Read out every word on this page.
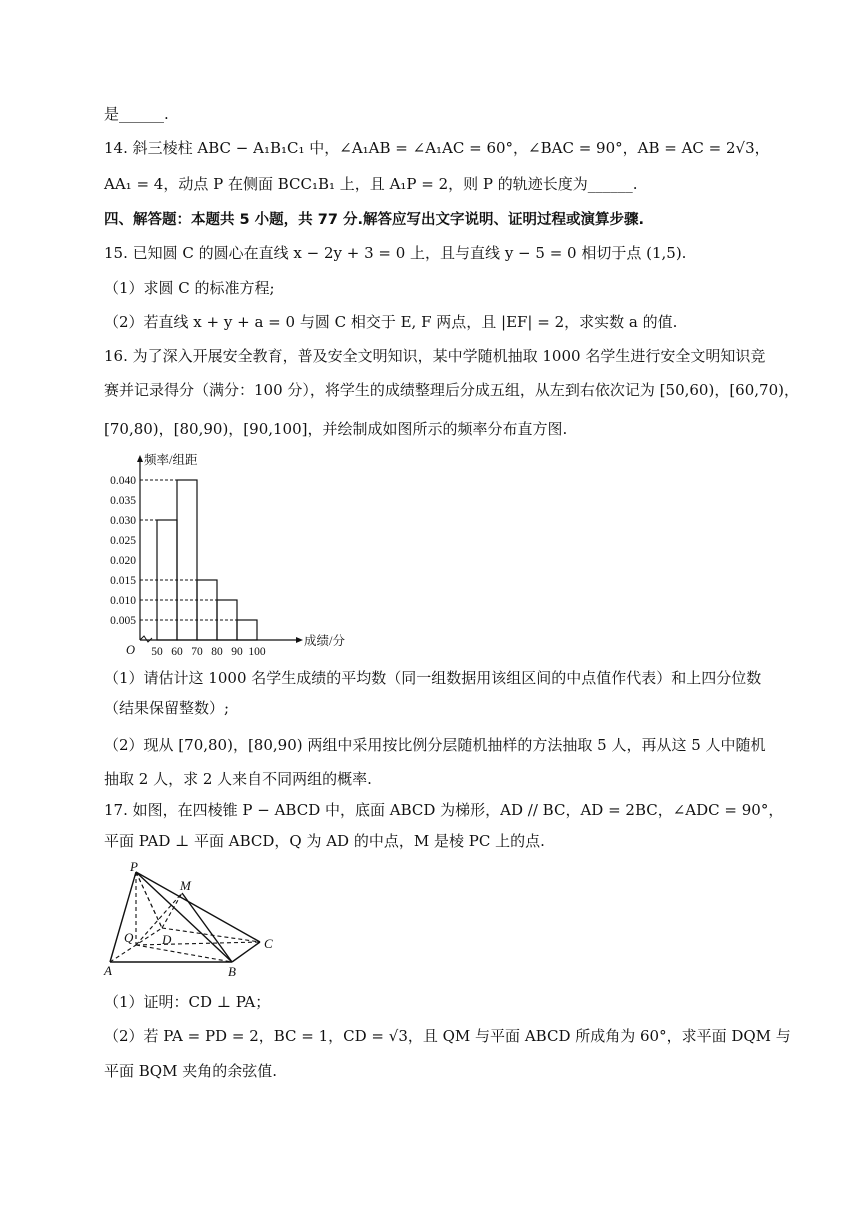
是______.
14. 斜三棱柱 ABC − A₁B₁C₁ 中，∠A₁AB = ∠A₁AC = 60°，∠BAC = 90°，AB = AC = 2√3，
AA₁ = 4，动点 P 在侧面 BCC₁B₁ 上，且 A₁P = 2，则 P 的轨迹长度为______.
四、解答题：本题共 5 小题，共 77 分.解答应写出文字说明、证明过程或演算步骤.
15. 已知圆 C 的圆心在直线 x − 2y + 3 = 0 上，且与直线 y − 5 = 0 相切于点 (1,5).
（1）求圆 C 的标准方程;
（2）若直线 x + y + a = 0 与圆 C 相交于 E, F 两点，且 |EF| = 2，求实数 a 的值.
16. 为了深入开展安全教育，普及安全文明知识，某中学随机抽取 1000 名学生进行安全文明知识竞
赛并记录得分（满分：100 分），将学生的成绩整理后分成五组，从左到右依次记为 [50,60)，[60,70)，
[70,80)，[80,90)，[90,100]，并绘制成如图所示的频率分布直方图.
0.040
0.035
0.030
0.025
0.020
0.015
0.010
0.005
50 60 70 80 90 100
频率/组距
成绩/分
O
（1）请估计这 1000 名学生成绩的平均数（同一组数据用该组区间的中点值作代表）和上四分位数
（结果保留整数）;
（2）现从 [70,80)，[80,90) 两组中采用按比例分层随机抽样的方法抽取 5 人，再从这 5 人中随机
抽取 2 人，求 2 人来自不同两组的概率.
17. 如图，在四棱锥 P − ABCD 中，底面 ABCD 为梯形，AD // BC，AD = 2BC，∠ADC = 90°，
平面 PAD ⊥ 平面 ABCD，Q 为 AD 的中点，M 是棱 PC 上的点.
P
M
Q D	C
A	B
（1）证明：CD ⊥ PA；
（2）若 PA = PD = 2，BC = 1，CD = √3，且 QM 与平面 ABCD 所成角为 60°，求平面 DQM 与
平面 BQM 夹角的余弦值.
